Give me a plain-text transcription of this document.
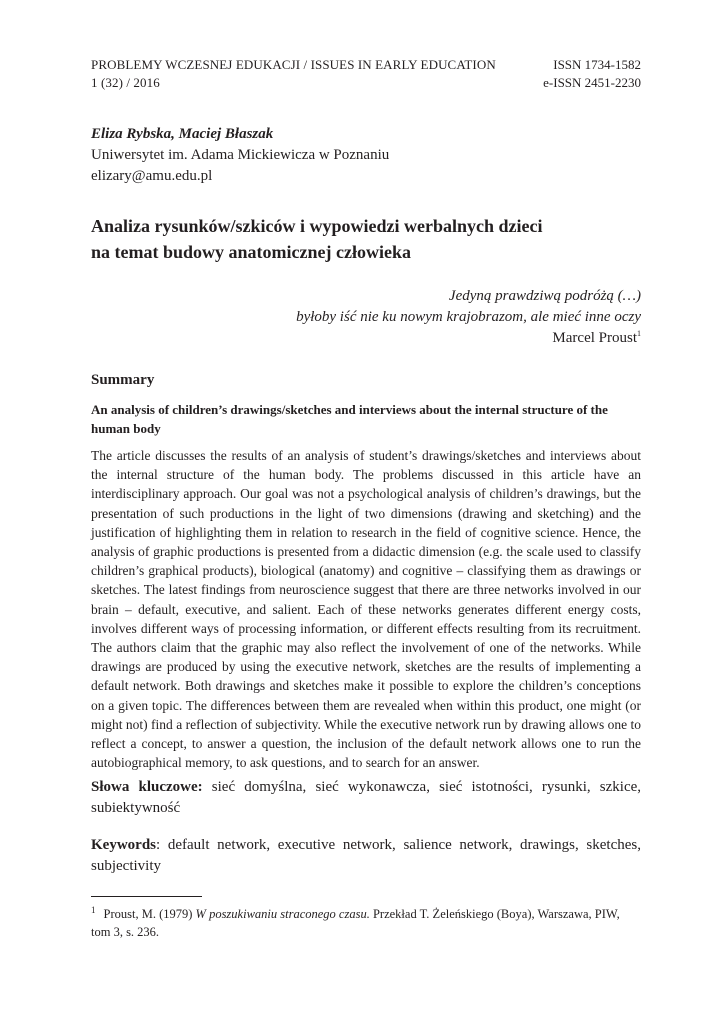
PROBLEMY WCZESNEJ EDUKACJI / ISSUES IN EARLY EDUCATION
1 (32) / 2016
ISSN 1734-1582
e-ISSN 2451-2230
Eliza Rybska, Maciej Błaszak
Uniwersytet im. Adama Mickiewicza w Poznaniu
elizary@amu.edu.pl
Analiza rysunków/szkiców i wypowiedzi werbalnych dzieci
na temat budowy anatomicznej człowieka
Jedyną prawdziwą podróżą (…)
byłoby iść nie ku nowym krajobrazom, ale mieć inne oczy
Marcel Proust$^1$
Summary
An analysis of children’s drawings/sketches and interviews about the internal structure of the human body
The article discusses the results of an analysis of student’s drawings/sketches and interviews about the internal structure of the human body. The problems discussed in this article have an interdisciplinary approach. Our goal was not a psychological analysis of children’s drawings, but the presentation of such productions in the light of two dimensions (drawing and sketching) and the justification of highlighting them in relation to research in the field of cognitive science. Hence, the analysis of graphic productions is presented from a didactic dimension (e.g. the scale used to classify children’s graphical products), biological (anatomy) and cognitive – classifying them as drawings or sketches. The latest findings from neuroscience suggest that there are three networks involved in our brain – default, executive, and salient. Each of these networks generates different energy costs, involves different ways of processing information, or different effects resulting from its recruitment. The authors claim that the graphic may also reflect the involvement of one of the networks. While drawings are produced by using the executive network, sketches are the results of implementing a default network. Both drawings and sketches make it possible to explore the children’s conceptions on a given topic. The differences between them are revealed when within this product, one might (or might not) find a reflection of subjectivity. While the executive network run by drawing allows one to reflect a concept, to answer a question, the inclusion of the default network allows one to run the autobiographical memory, to ask questions, and to search for an answer.
Słowa kluczowe: sieć domyślna, sieć wykonawcza, sieć istotności, rysunki, szkice, subiektywność
Keywords: default network, executive network, salience network, drawings, sketches, subjectivity
$^1$ Proust, M. (1979) W poszukiwaniu straconego czasu. Przekład T. Żeleńskiego (Boya), Warszawa, PIW, tom 3, s. 236.
